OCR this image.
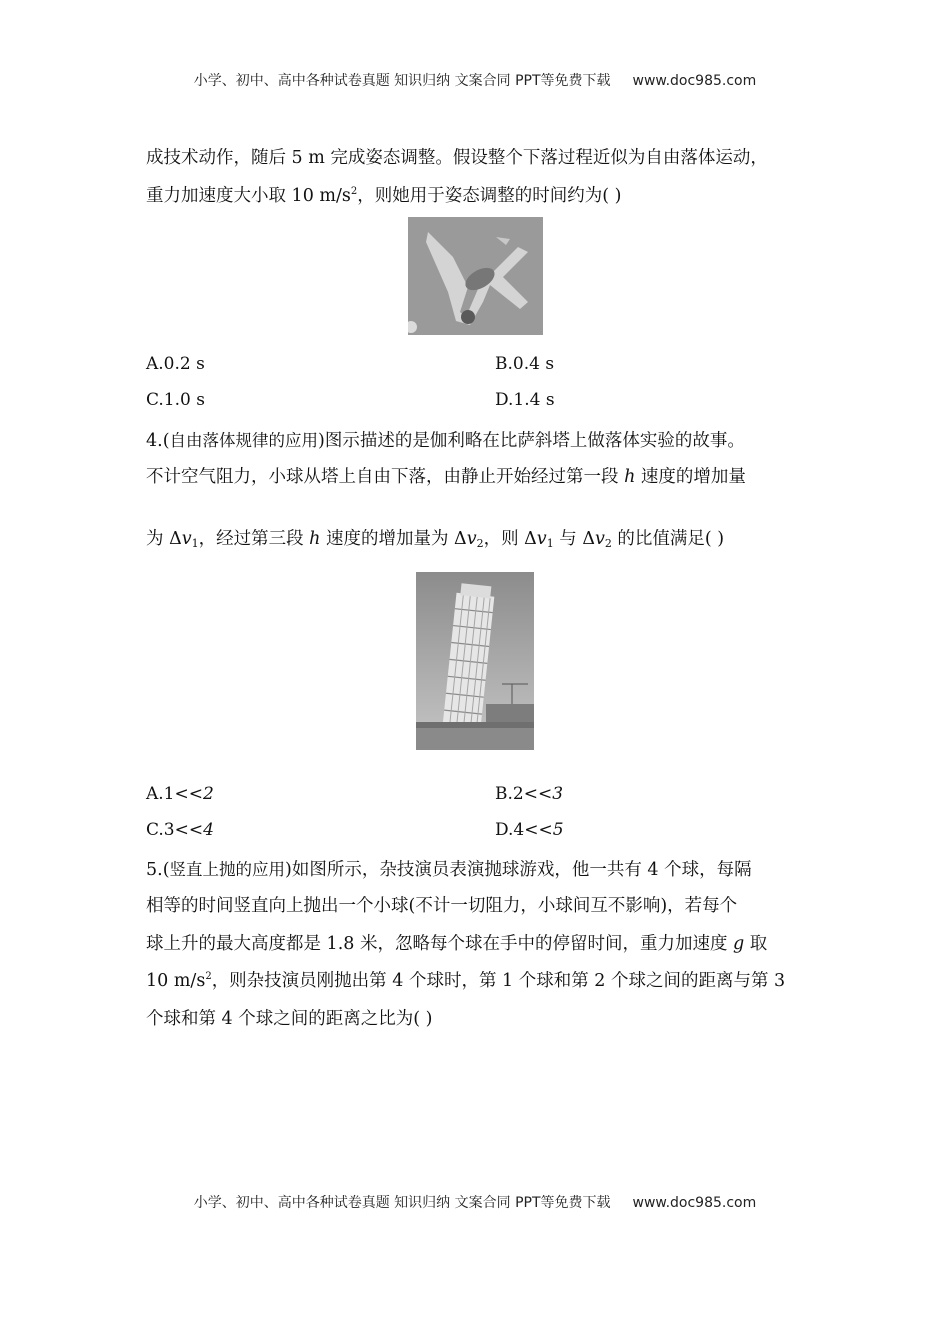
小学、初中、高中各种试卷真题 知识归纳 文案合同 PPT等免费下载 www.doc985.com
成技术动作，随后 5 m 完成姿态调整。假设整个下落过程近似为自由落体运动，
重力加速度大小取 10 $m/s^2$，则她用于姿态调整的时间约为( )
A.0.2 s	B.0.4 s
C.1.0 s	D.1.4 s
4.(自由落体规律的应用)图示描述的是伽利略在比萨斜塔上做落体实验的故事。
不计空气阻力，小球从塔上自由下落，由静止开始经过第一段 h 速度的增加量
为 $\Delta v_1$，经过第三段 h 速度的增加量为 $\Delta v_2$，则 $\Delta v_1$ 与 $\Delta v_2$ 的比值满足( )
A.1<<2	B.2<<3
C.3<<4	D.4<<5
5.(竖直上抛的应用)如图所示，杂技演员表演抛球游戏，他一共有 4 个球，每隔
相等的时间竖直向上抛出一个小球(不计一切阻力，小球间互不影响)，若每个
球上升的最大高度都是 1.8 米，忽略每个球在手中的停留时间，重力加速度 g 取
10 $m/s^2$，则杂技演员刚抛出第 4 个球时，第 1 个球和第 2 个球之间的距离与第 3
个球和第 4 个球之间的距离之比为( )
小学、初中、高中各种试卷真题 知识归纳 文案合同 PPT等免费下载 www.doc985.com
